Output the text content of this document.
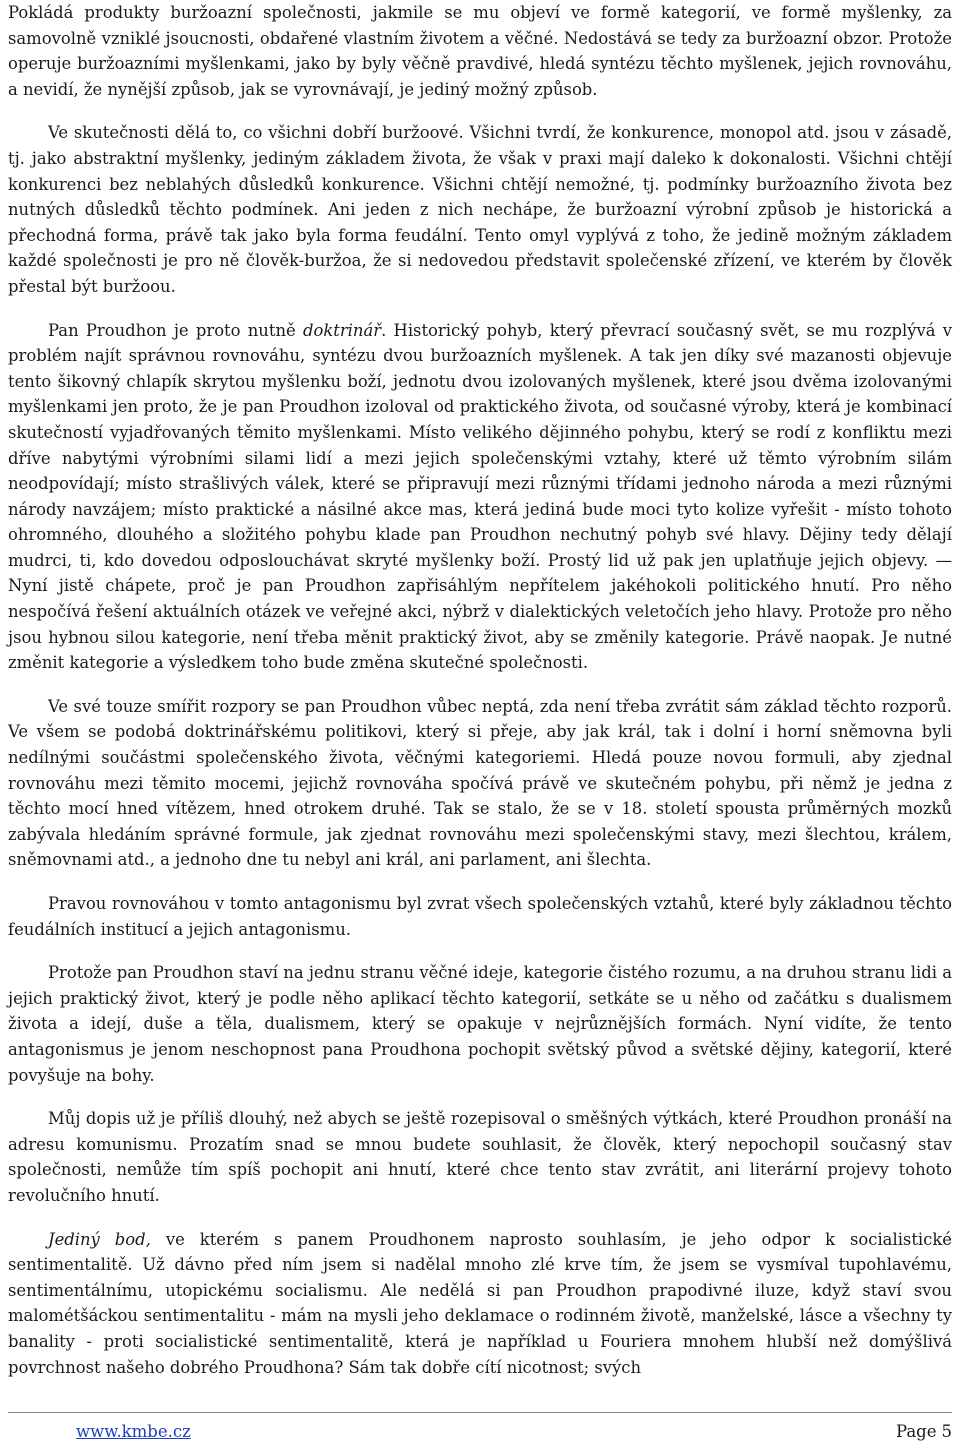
Pokládá produkty buržoazní společnosti, jakmile se mu objeví ve formě kategorií, ve formě myšlenky, za samovolně vzniklé jsoucnosti, obdařené vlastním životem a věčné. Nedostává se tedy za buržoazní obzor. Protože operuje buržoazními myšlenkami, jako by byly věčně pravdivé, hledá syntézu těchto myšlenek, jejich rovnováhu, a nevidí, že nynější způsob, jak se vyrovnávají, je jediný možný způsob.

Ve skutečnosti dělá to, co všichni dobří buržoové. Všichni tvrdí, že konkurence, monopol atd. jsou v zásadě, tj. jako abstraktní myšlenky, jediným základem života, že však v praxi mají daleko k dokonalosti. Všichni chtějí konkurenci bez neblahých důsledků konkurence. Všichni chtějí nemožné, tj. podmínky buržoazního života bez nutných důsledků těchto podmínek. Ani jeden z nich nechápe, že buržoazní výrobní způsob je historická a přechodná forma, právě tak jako byla forma feudální. Tento omyl vyplývá z toho, že jedině možným základem každé společnosti je pro ně člověk-buržoa, že si nedovedou představit společenské zřízení, ve kterém by člověk přestal být buržoou.

Pan Proudhon je proto nutně doktrinář. Historický pohyb, který převrací současný svět, se mu rozplývá v problém najít správnou rovnováhu, syntézu dvou buržoazních myšlenek. A tak jen díky své mazanosti objevuje tento šikovný chlapík skrytou myšlenku boží, jednotu dvou izolovaných myšlenek, které jsou dvěma izolovanými myšlenkami jen proto, že je pan Proudhon izoloval od praktického života, od současné výroby, která je kombinací skutečností vyjadřovaných těmito myšlenkami. Místo velikého dějinného pohybu, který se rodí z konfliktu mezi dříve nabytými výrobními silami lidí a mezi jejich společenskými vztahy, které už těmto výrobním silám neodpovídají; místo strašlivých válek, které se připravují mezi různými třídami jednoho národa a mezi různými národy navzájem; místo praktické a násilné akce mas, která jediná bude moci tyto kolize vyřešit - místo tohoto ohromného, dlouhého a složitého pohybu klade pan Proudhon nechutný pohyb své hlavy. Dějiny tedy dělají mudrci, ti, kdo dovedou odposlouchávat skryté myšlenky boží. Prostý lid už pak jen uplatňuje jejich objevy. — Nyní jistě chápete, proč je pan Proudhon zapřisáhlým nepřítelem jakéhokoli politického hnutí. Pro něho nespočívá řešení aktuálních otázek ve veřejné akci, nýbrž v dialektických veletočích jeho hlavy. Protože pro něho jsou hybnou silou kategorie, není třeba měnit praktický život, aby se změnily kategorie. Právě naopak. Je nutné změnit kategorie a výsledkem toho bude změna skutečné společnosti.

Ve své touze smířit rozpory se pan Proudhon vůbec neptá, zda není třeba zvrátit sám základ těchto rozporů. Ve všem se podobá doktrinářskému politikovi, který si přeje, aby jak král, tak i dolní i horní sněmovna byli nedílnými součástmi společenského života, věčnými kategoriemi. Hledá pouze novou formuli, aby zjednal rovnováhu mezi těmito mocemi, jejichž rovnováha spočívá právě ve skutečném pohybu, při němž je jedna z těchto mocí hned vítězem, hned otrokem druhé. Tak se stalo, že se v 18. století spousta průměrných mozků zabývala hledáním správné formule, jak zjednat rovnováhu mezi společenskými stavy, mezi šlechtou, králem, sněmovnami atd., a jednoho dne tu nebyl ani král, ani parlament, ani šlechta.

Pravou rovnováhou v tomto antagonismu byl zvrat všech společenských vztahů, které byly základnou těchto feudálních institucí a jejich antagonismu.

Protože pan Proudhon staví na jednu stranu věčné ideje, kategorie čistého rozumu, a na druhou stranu lidi a jejich praktický život, který je podle něho aplikací těchto kategorií, setkáte se u něho od začátku s dualismem života a idejí, duše a těla, dualismem, který se opakuje v nejrůznějších formách. Nyní vidíte, že tento antagonismus je jenom neschopnost pana Proudhona pochopit světský původ a světské dějiny, kategorií, které povyšuje na bohy.

Můj dopis už je příliš dlouhý, než abych se ještě rozepisoval o směšných výtkách, které Proudhon pronáší na adresu komunismu. Prozatím snad se mnou budete souhlasit, že člověk, který nepochopil současný stav společnosti, nemůže tím spíš pochopit ani hnutí, které chce tento stav zvrátit, ani literární projevy tohoto revolučního hnutí.

Jediný bod, ve kterém s panem Proudhonem naprosto souhlasím, je jeho odpor k socialistické sentimentalitě. Už dávno před ním jsem si nadělal mnoho zlé krve tím, že jsem se vysmíval tupohlavému, sentimentálnímu, utopickému socialismu. Ale nedělá si pan Proudhon prapodivné iluze, když staví svou malométšáckou sentimentalitu - mám na mysli jeho deklamace o rodinném životě, manželské, lásce a všechny ty banality - proti socialistické sentimentalitě, která je například u Fouriera mnohem hlubší než domýšlivá povrchnost našeho dobrého Proudhona? Sám tak dobře cítí nicotnost; svých

www.kmbe.cz	Page 5
